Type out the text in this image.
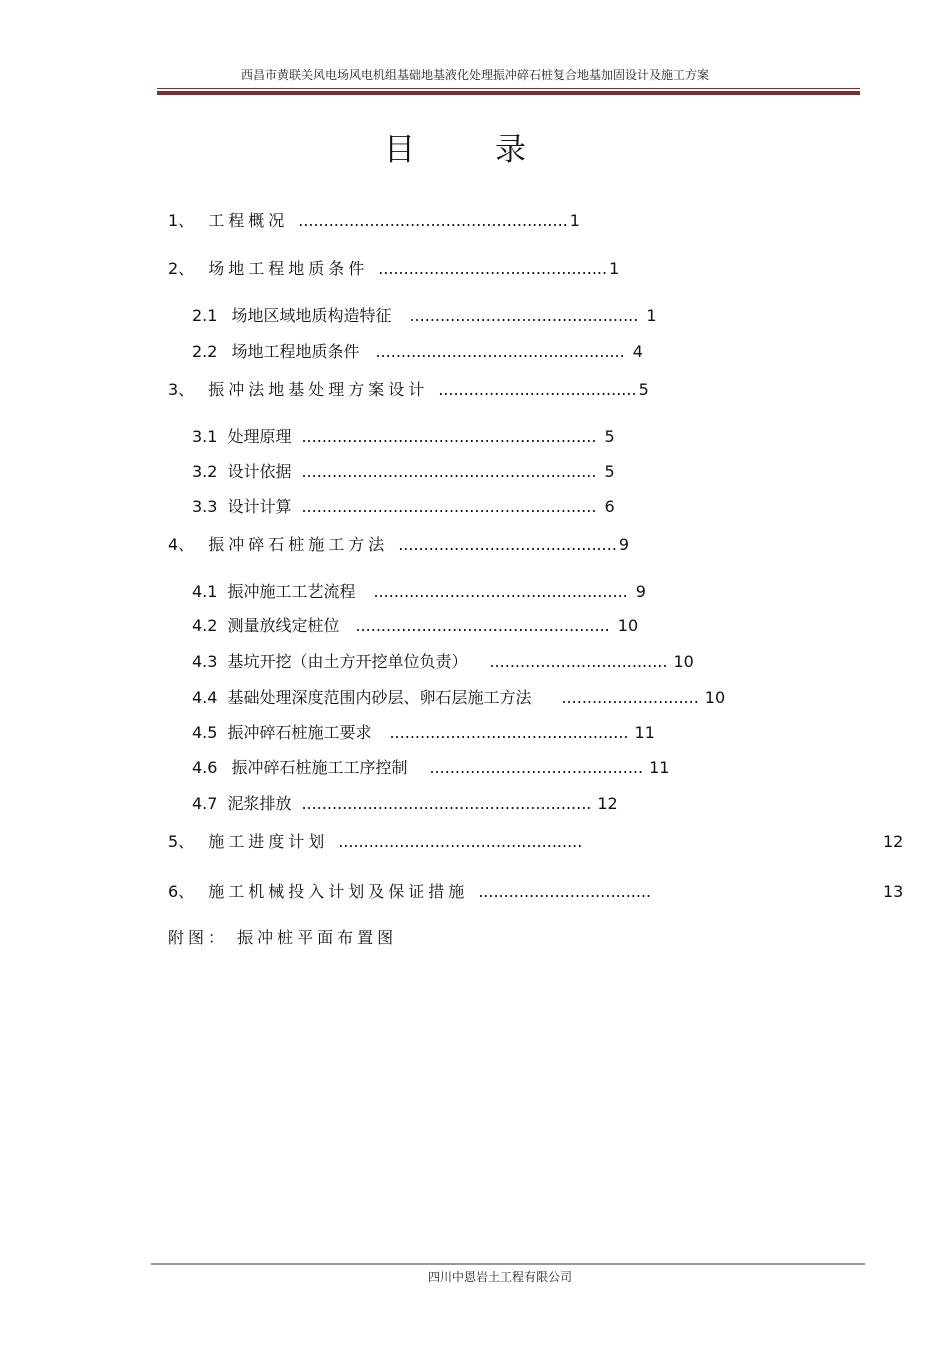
西昌市黄联关风电场风电机组基础地基液化处理振冲碎石桩复合地基加固设计及施工方案
目录
1、 工程概况 ..................................................... 1
2、 场地工程地质条件 ............................................. 1
2.1 场地区域地质构造特征 ............................................. 1
2.2 场地工程地质条件 ................................................. 4
3、 振冲法地基处理方案设计 ....................................... 5
3.1 处理原理 .......................................................... 5
3.2 设计依据 .......................................................... 5
3.3 设计计算 .......................................................... 6
4、 振冲碎石桩施工方法 ........................................... 9
4.1 振冲施工工艺流程 .................................................. 9
4.2 测量放线定桩位 .................................................. 10
4.3 基坑开挖（由土方开挖单位负责） ................................... 10
4.4 基础处理深度范围内砂层、卵石层施工方法 ........................... 10
4.5 振冲碎石桩施工要求 ............................................... 11
4.6 振冲碎石桩施工工序控制 .......................................... 11
4.7 泥浆排放 ......................................................... 12
5、 施工进度计划 ................................................	12
6、 施工机械投入计划及保证措施 ..................................	13
附图： 振冲桩平面布置图
四川中恩岩土工程有限公司
